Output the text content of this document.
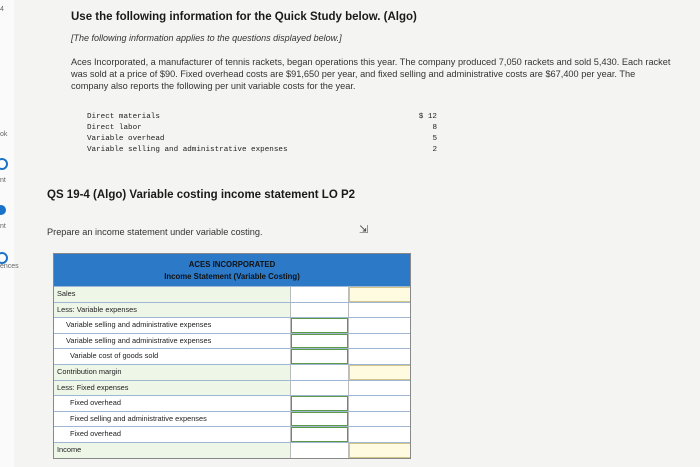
4
ok
nt
nt
ences
Use the following information for the Quick Study below. (Algo)
[The following information applies to the questions displayed below.]
Aces Incorporated, a manufacturer of tennis rackets, began operations this year. The company produced 7,050 rackets and sold 5,430. Each racket was sold at a price of $90. Fixed overhead costs are $91,650 per year, and fixed selling and administrative costs are $67,400 per year. The company also reports the following per unit variable costs for the year.
Direct materials	$ 12
Direct labor	8
Variable overhead	5
Variable selling and administrative expenses	2
QS 19-4 (Algo) Variable costing income statement LO P2
Prepare an income statement under variable costing.	⇲
ACES INCORPORATED
Income Statement (Variable Costing)
Sales
Less: Variable expenses
Variable selling and administrative expenses
Variable selling and administrative expenses
Variable cost of goods sold
Contribution margin
Less: Fixed expenses
Fixed overhead
Fixed selling and administrative expenses
Fixed overhead
Income
